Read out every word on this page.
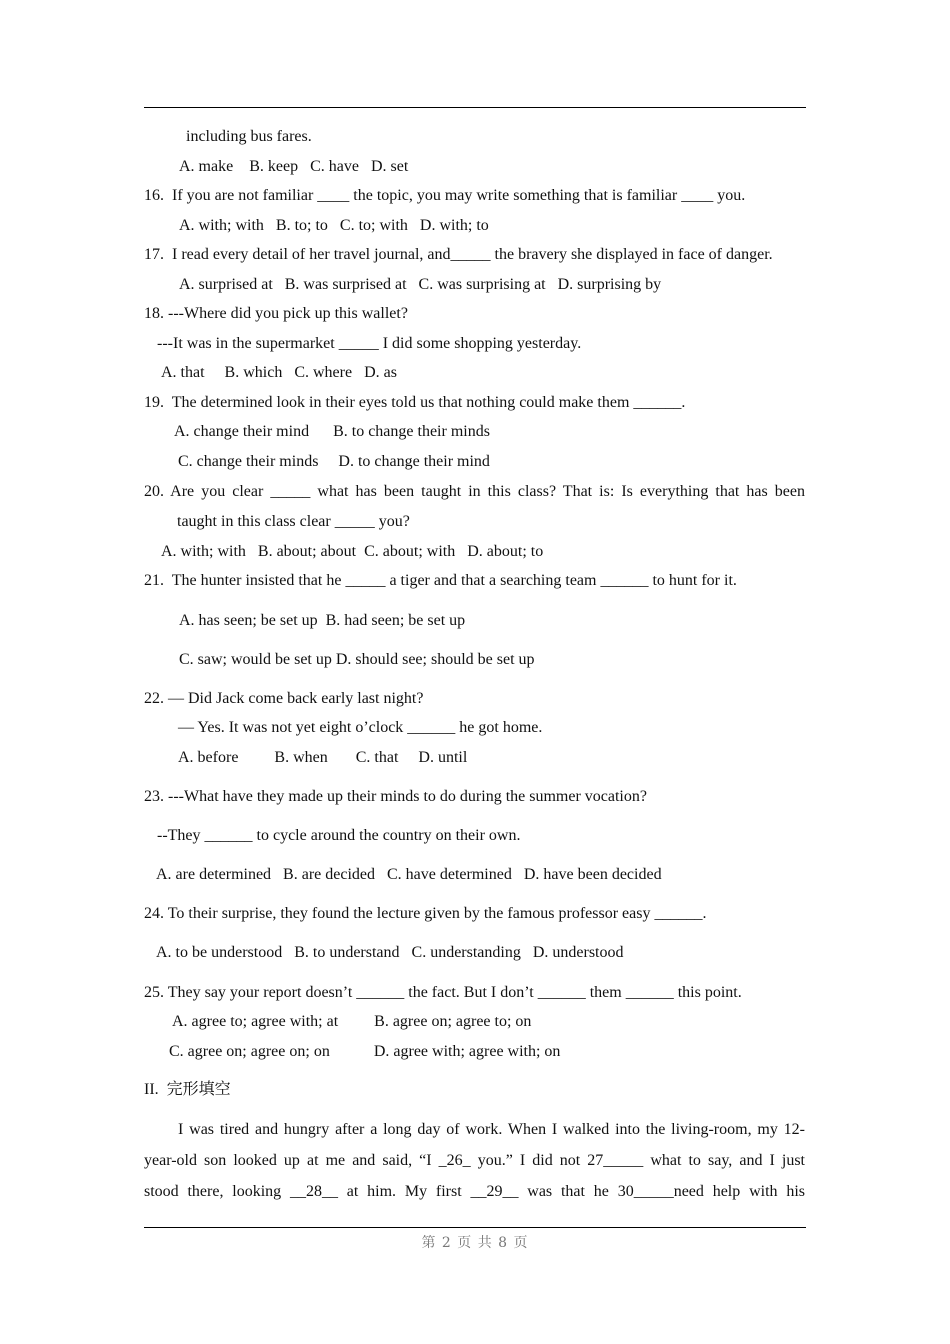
including bus fares.
A. make    B. keep   C. have   D. set
16.  If you are not familiar ____ the topic, you may write something that is familiar ____ you.
A. with; with   B. to; to   C. to; with   D. with; to
17.  I read every detail of her travel journal, and_____ the bravery she displayed in face of danger.
A. surprised at   B. was surprised at   C. was surprising at   D. surprising by
18. ---Where did you pick up this wallet?
---It was in the supermarket _____ I did some shopping yesterday.
A. that     B. which   C. where   D. as
19.  The determined look in their eyes told us that nothing could make them ______.
A. change their mind      B. to change their minds
C. change their minds     D. to change their mind
20. Are you clear _____ what has been taught in this class? That is: Is everything that has been
taught in this class clear _____ you?
A. with; with   B. about; about  C. about; with   D. about; to
21.  The hunter insisted that he _____ a tiger and that a searching team ______ to hunt for it.
A. has seen; be set up  B. had seen; be set up
C. saw; would be set up D. should see; should be set up
22. — Did Jack come back early last night?
— Yes. It was not yet eight o’clock ______ he got home.
A. before         B. when       C. that     D. until
23. ---What have they made up their minds to do during the summer vocation?
--They ______ to cycle around the country on their own.
A. are determined   B. are decided   C. have determined   D. have been decided
24. To their surprise, they found the lecture given by the famous professor easy ______.
A. to be understood   B. to understand   C. understanding   D. understood
25. They say your report doesn’t ______ the fact. But I don’t ______ them ______ this point.
A. agree to; agree with; at         B. agree on; agree to; on
C. agree on; agree on; on           D. agree with; agree with; on
II.  完形填空
I was tired and hungry after a long day of work. When I walked into the living-room, my 12-
year-old son looked up at me and said, “I _26_ you.” I did not 27_____ what to say, and I just
stood there, looking __28__ at him. My first __29__ was that he 30_____need help with his
第 2 页 共 8 页
